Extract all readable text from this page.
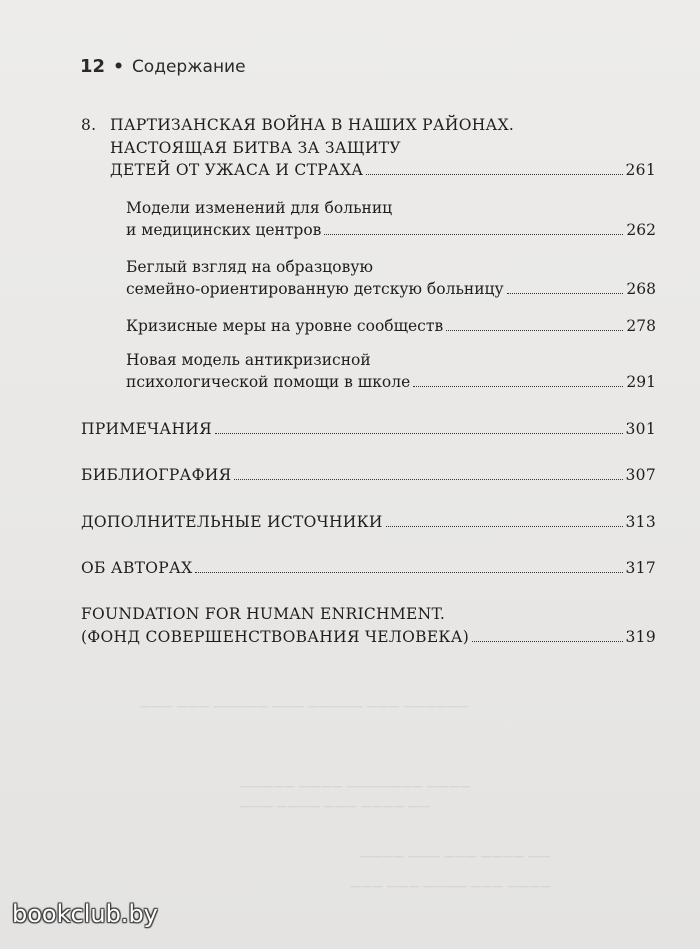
——— ——— ————— ——— ————— ——— ——————
————— ———— ——————— ————
——— ———— ——— ———— ——
———— ——— ——— ———— ——
——— ——— ———— ——— ————
12 • Содержание
8. ПАРТИЗАНСКАЯ ВОЙНА В НАШИХ РАЙОНАХ.
НАСТОЯЩАЯ БИТВА ЗА ЗАЩИТУ
ДЕТЕЙ ОТ УЖАСА И СТРАХА	261
Модели изменений для больниц
и медицинских центров	262
Беглый взгляд на образцовую
семейно-ориентированную детскую больницу	268
Кризисные меры на уровне сообществ	278
Новая модель антикризисной
психологической помощи в школе	291
ПРИМЕЧАНИЯ	301
БИБЛИОГРАФИЯ	307
ДОПОЛНИТЕЛЬНЫЕ ИСТОЧНИКИ	313
ОБ АВТОРАХ	317
FOUNDATION FOR HUMAN ENRICHMENT.
(ФОНД СОВЕРШЕНСТВОВАНИЯ ЧЕЛОВЕКА)	319
bookclub.by
